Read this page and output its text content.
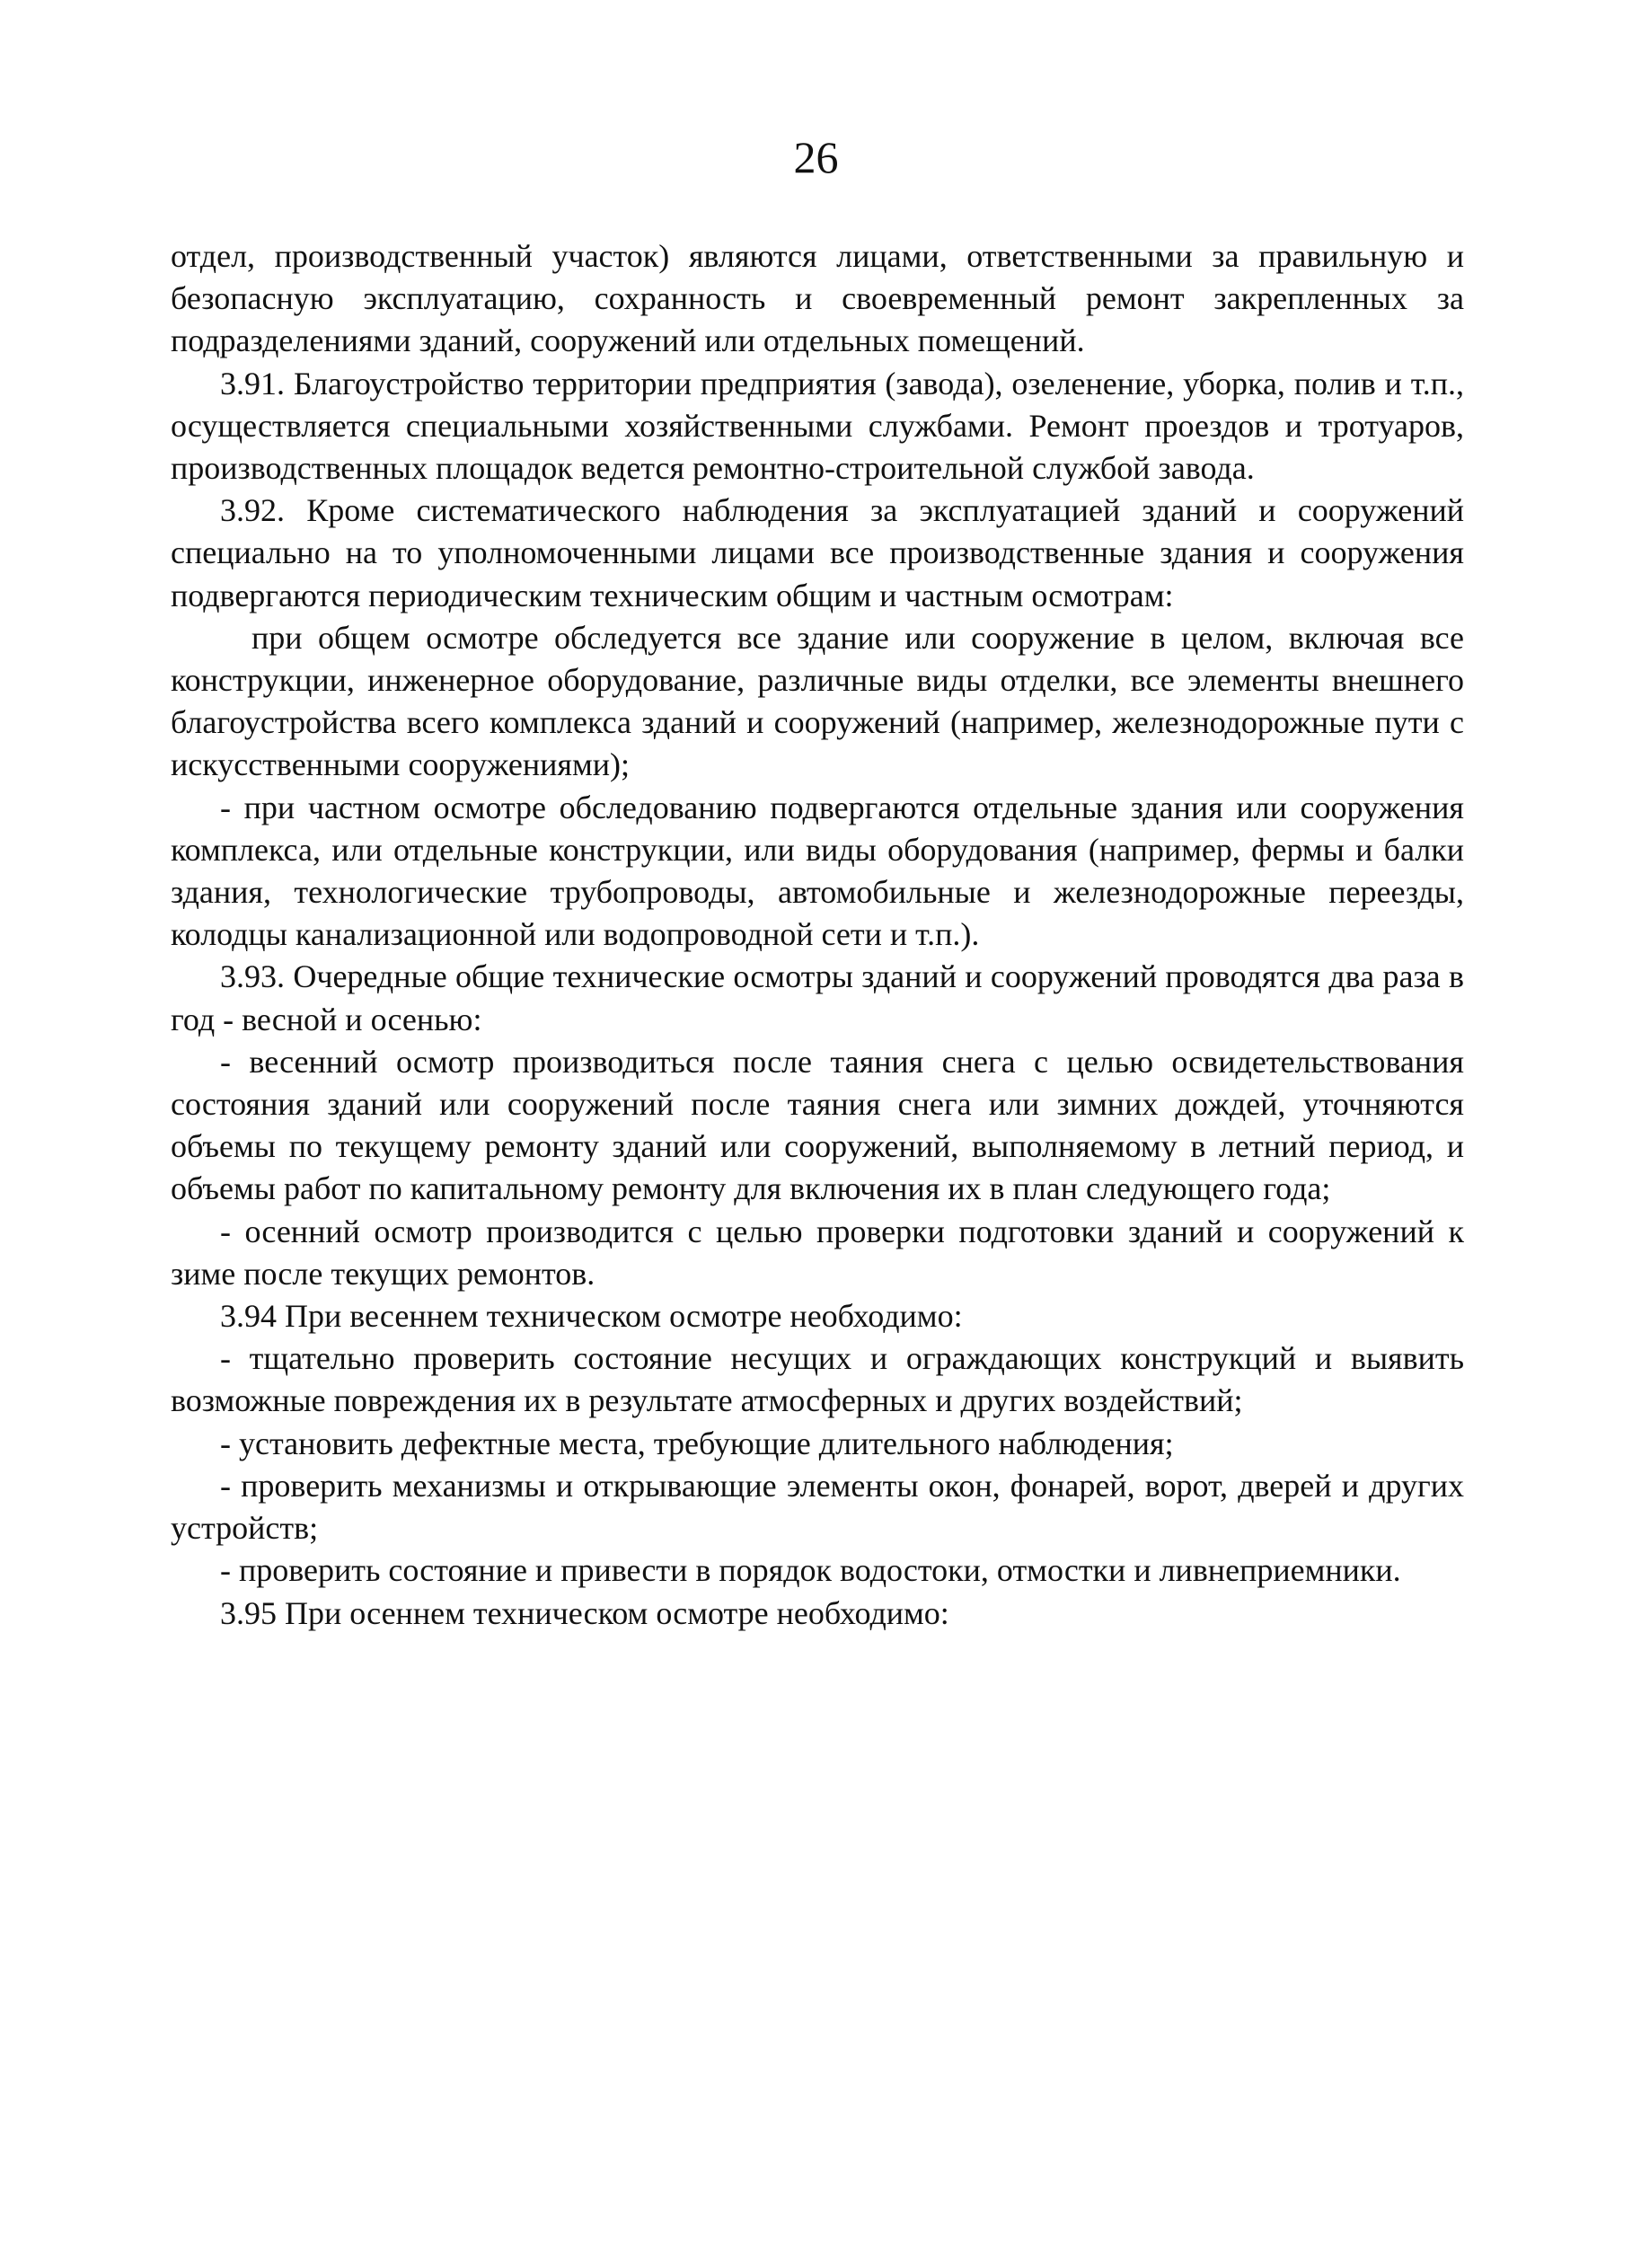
26

отдел, производственный участок) являются лицами, ответственными за правильную и безопасную эксплуатацию, сохранность и своевременный ремонт закрепленных за подразделениями зданий, сооружений или отдельных помещений.

3.91. Благоустройство территории предприятия (завода), озеленение, уборка, полив и т.п., осуществляется специальными хозяйственными службами. Ремонт проездов и тротуаров, производственных площадок ведется ремонтно-строительной службой завода.

3.92. Кроме систематического наблюдения за эксплуатацией зданий и сооружений специально на то уполномоченными лицами все производственные здания и сооружения подвергаются периодическим техническим общим и частным осмотрам:

при общем осмотре обследуется все здание или сооружение в целом, включая все конструкции, инженерное оборудование, различные виды отделки, все элементы внешнего благоустройства всего комплекса зданий и сооружений (например, железнодорожные пути с искусственными сооружениями);

- при частном осмотре обследованию подвергаются отдельные здания или сооружения комплекса, или отдельные конструкции, или виды оборудования (например, фермы и балки здания, технологические трубопроводы, автомобильные и железнодорожные переезды, колодцы канализационной или водопроводной сети и т.п.).

3.93. Очередные общие технические осмотры зданий и сооружений проводятся два раза в год - весной и осенью:

- весенний осмотр производиться после таяния снега с целью освидетельствования состояния зданий или сооружений после таяния снега или зимних дождей, уточняются объемы по текущему ремонту зданий или сооружений, выполняемому в летний период, и объемы работ по капитальному ремонту для включения их в план следующего года;

- осенний осмотр производится с целью проверки подготовки зданий и сооружений к зиме после текущих ремонтов.

3.94 При весеннем техническом осмотре необходимо:

- тщательно проверить состояние несущих и ограждающих конструкций и выявить возможные повреждения их в результате атмосферных и других воздействий;

- установить дефектные места, требующие длительного наблюдения;

- проверить механизмы и открывающие элементы окон, фонарей, ворот, дверей и других устройств;

- проверить состояние и привести в порядок водостоки, отмостки и ливнеприемники.

3.95 При осеннем техническом осмотре необходимо:
